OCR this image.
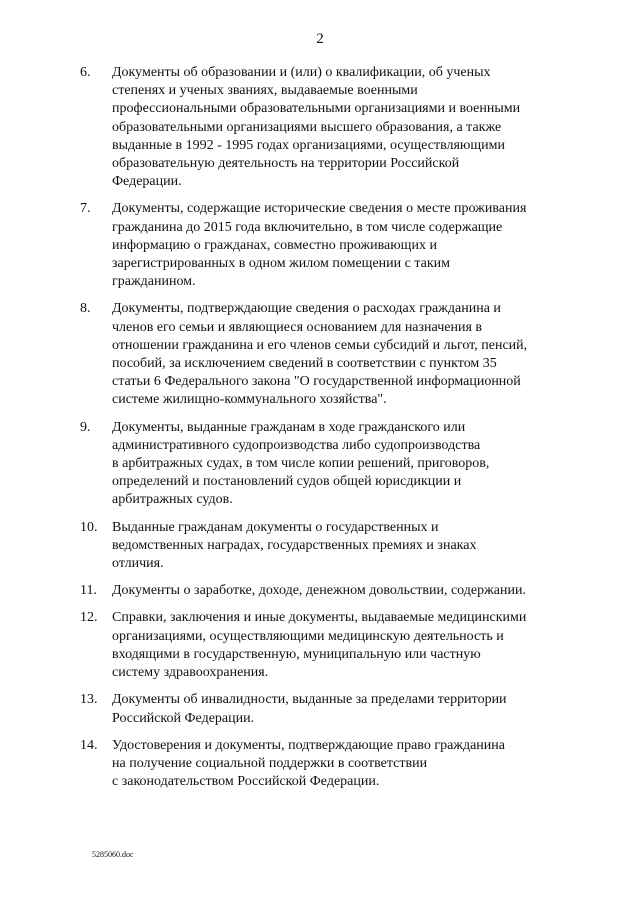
2
6.	Документы об образовании и (или) о квалификации, об ученых
степенях и ученых званиях, выдаваемые военными
профессиональными образовательными организациями и военными
образовательными организациями высшего образования, а также
выданные в 1992 - 1995 годах организациями, осуществляющими
образовательную деятельность на территории Российской
Федерации.
7.	Документы, содержащие исторические сведения о месте проживания
гражданина до 2015 года включительно, в том числе содержащие
информацию о гражданах, совместно проживающих и
зарегистрированных в одном жилом помещении с таким
гражданином.
8.	Документы, подтверждающие сведения о расходах гражданина и
членов его семьи и являющиеся основанием для назначения в
отношении гражданина и его членов семьи субсидий и льгот, пенсий,
пособий, за исключением сведений в соответствии с пунктом 35
статьи 6 Федерального закона "О государственной информационной
системе жилищно-коммунального хозяйства".
9.	Документы, выданные гражданам в ходе гражданского или
административного судопроизводства либо судопроизводства
в арбитражных судах, в том числе копии решений, приговоров,
определений и постановлений судов общей юрисдикции и
арбитражных судов.
10.	Выданные гражданам документы о государственных и
ведомственных наградах, государственных премиях и знаках
отличия.
11.	Документы о заработке, доходе, денежном довольствии, содержании.
12.	Справки, заключения и иные документы, выдаваемые медицинскими
организациями, осуществляющими медицинскую деятельность и
входящими в государственную, муниципальную или частную
систему здравоохранения.
13.	Документы об инвалидности, выданные за пределами территории
Российской Федерации.
14.	Удостоверения и документы, подтверждающие право гражданина
на получение социальной поддержки в соответствии
с законодательством Российской Федерации.
5285060.doc
